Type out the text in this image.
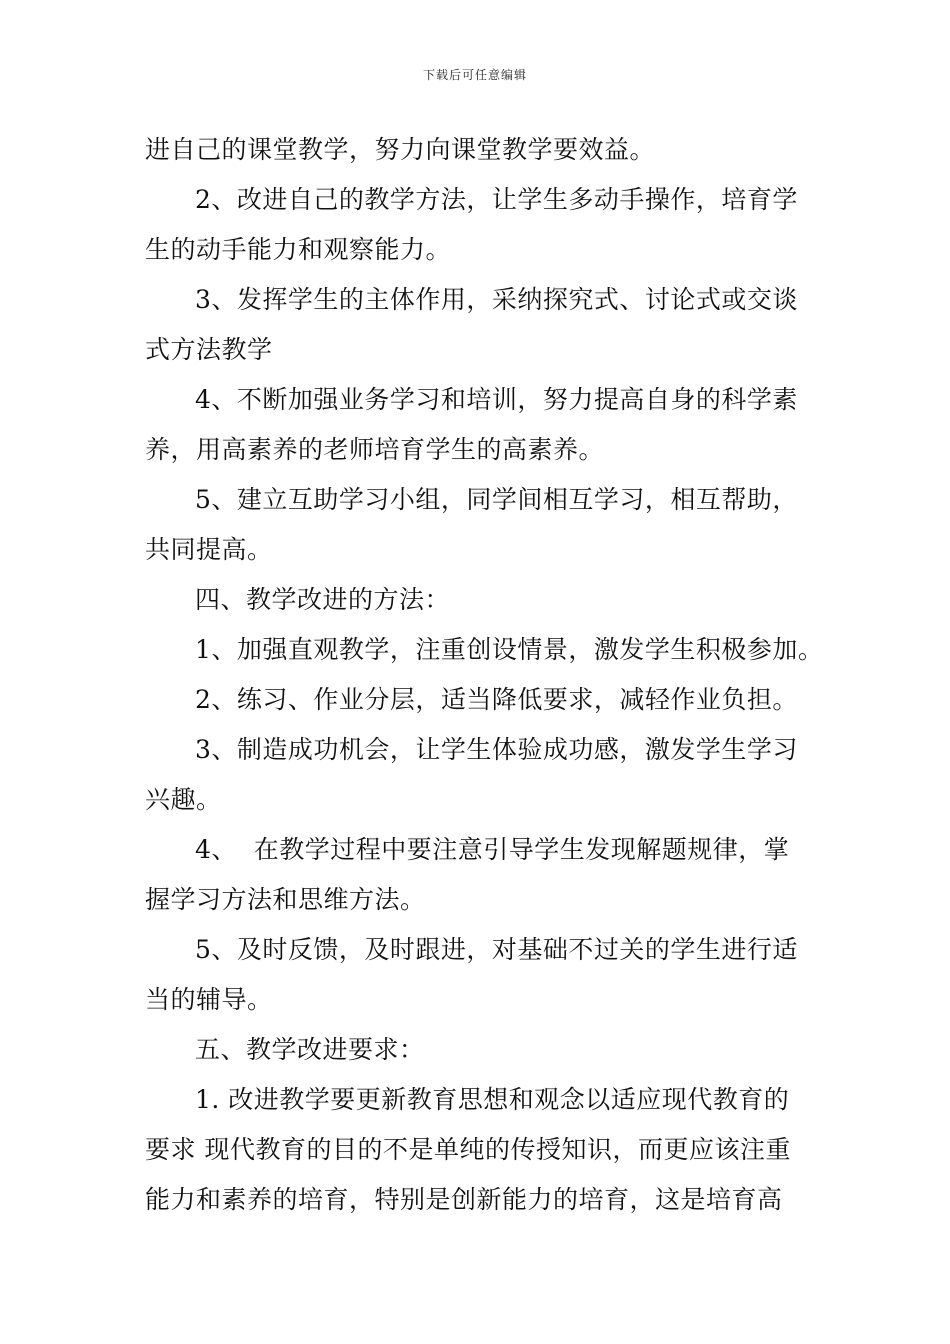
下载后可任意编辑
进自己的课堂教学，努力向课堂教学要效益。
2、改进自己的教学方法，让学生多动手操作，培育学
生的动手能力和观察能力。
3、发挥学生的主体作用，采纳探究式、讨论式或交谈
式方法教学
4、不断加强业务学习和培训，努力提高自身的科学素
养，用高素养的老师培育学生的高素养。
5、建立互助学习小组，同学间相互学习，相互帮助，
共同提高。
四、教学改进的方法：
1、加强直观教学，注重创设情景，激发学生积极参加。
2、练习、作业分层，适当降低要求，减轻作业负担。
3、制造成功机会，让学生体验成功感，激发学生学习
兴趣。
4、  在教学过程中要注意引导学生发现解题规律，掌
握学习方法和思维方法。
5、及时反馈，及时跟进，对基础不过关的学生进行适
当的辅导。
五、教学改进要求：
1. 改进教学要更新教育思想和观念以适应现代教育的
要求 现代教育的目的不是单纯的传授知识，而更应该注重
能力和素养的培育，特别是创新能力的培育，这是培育高
